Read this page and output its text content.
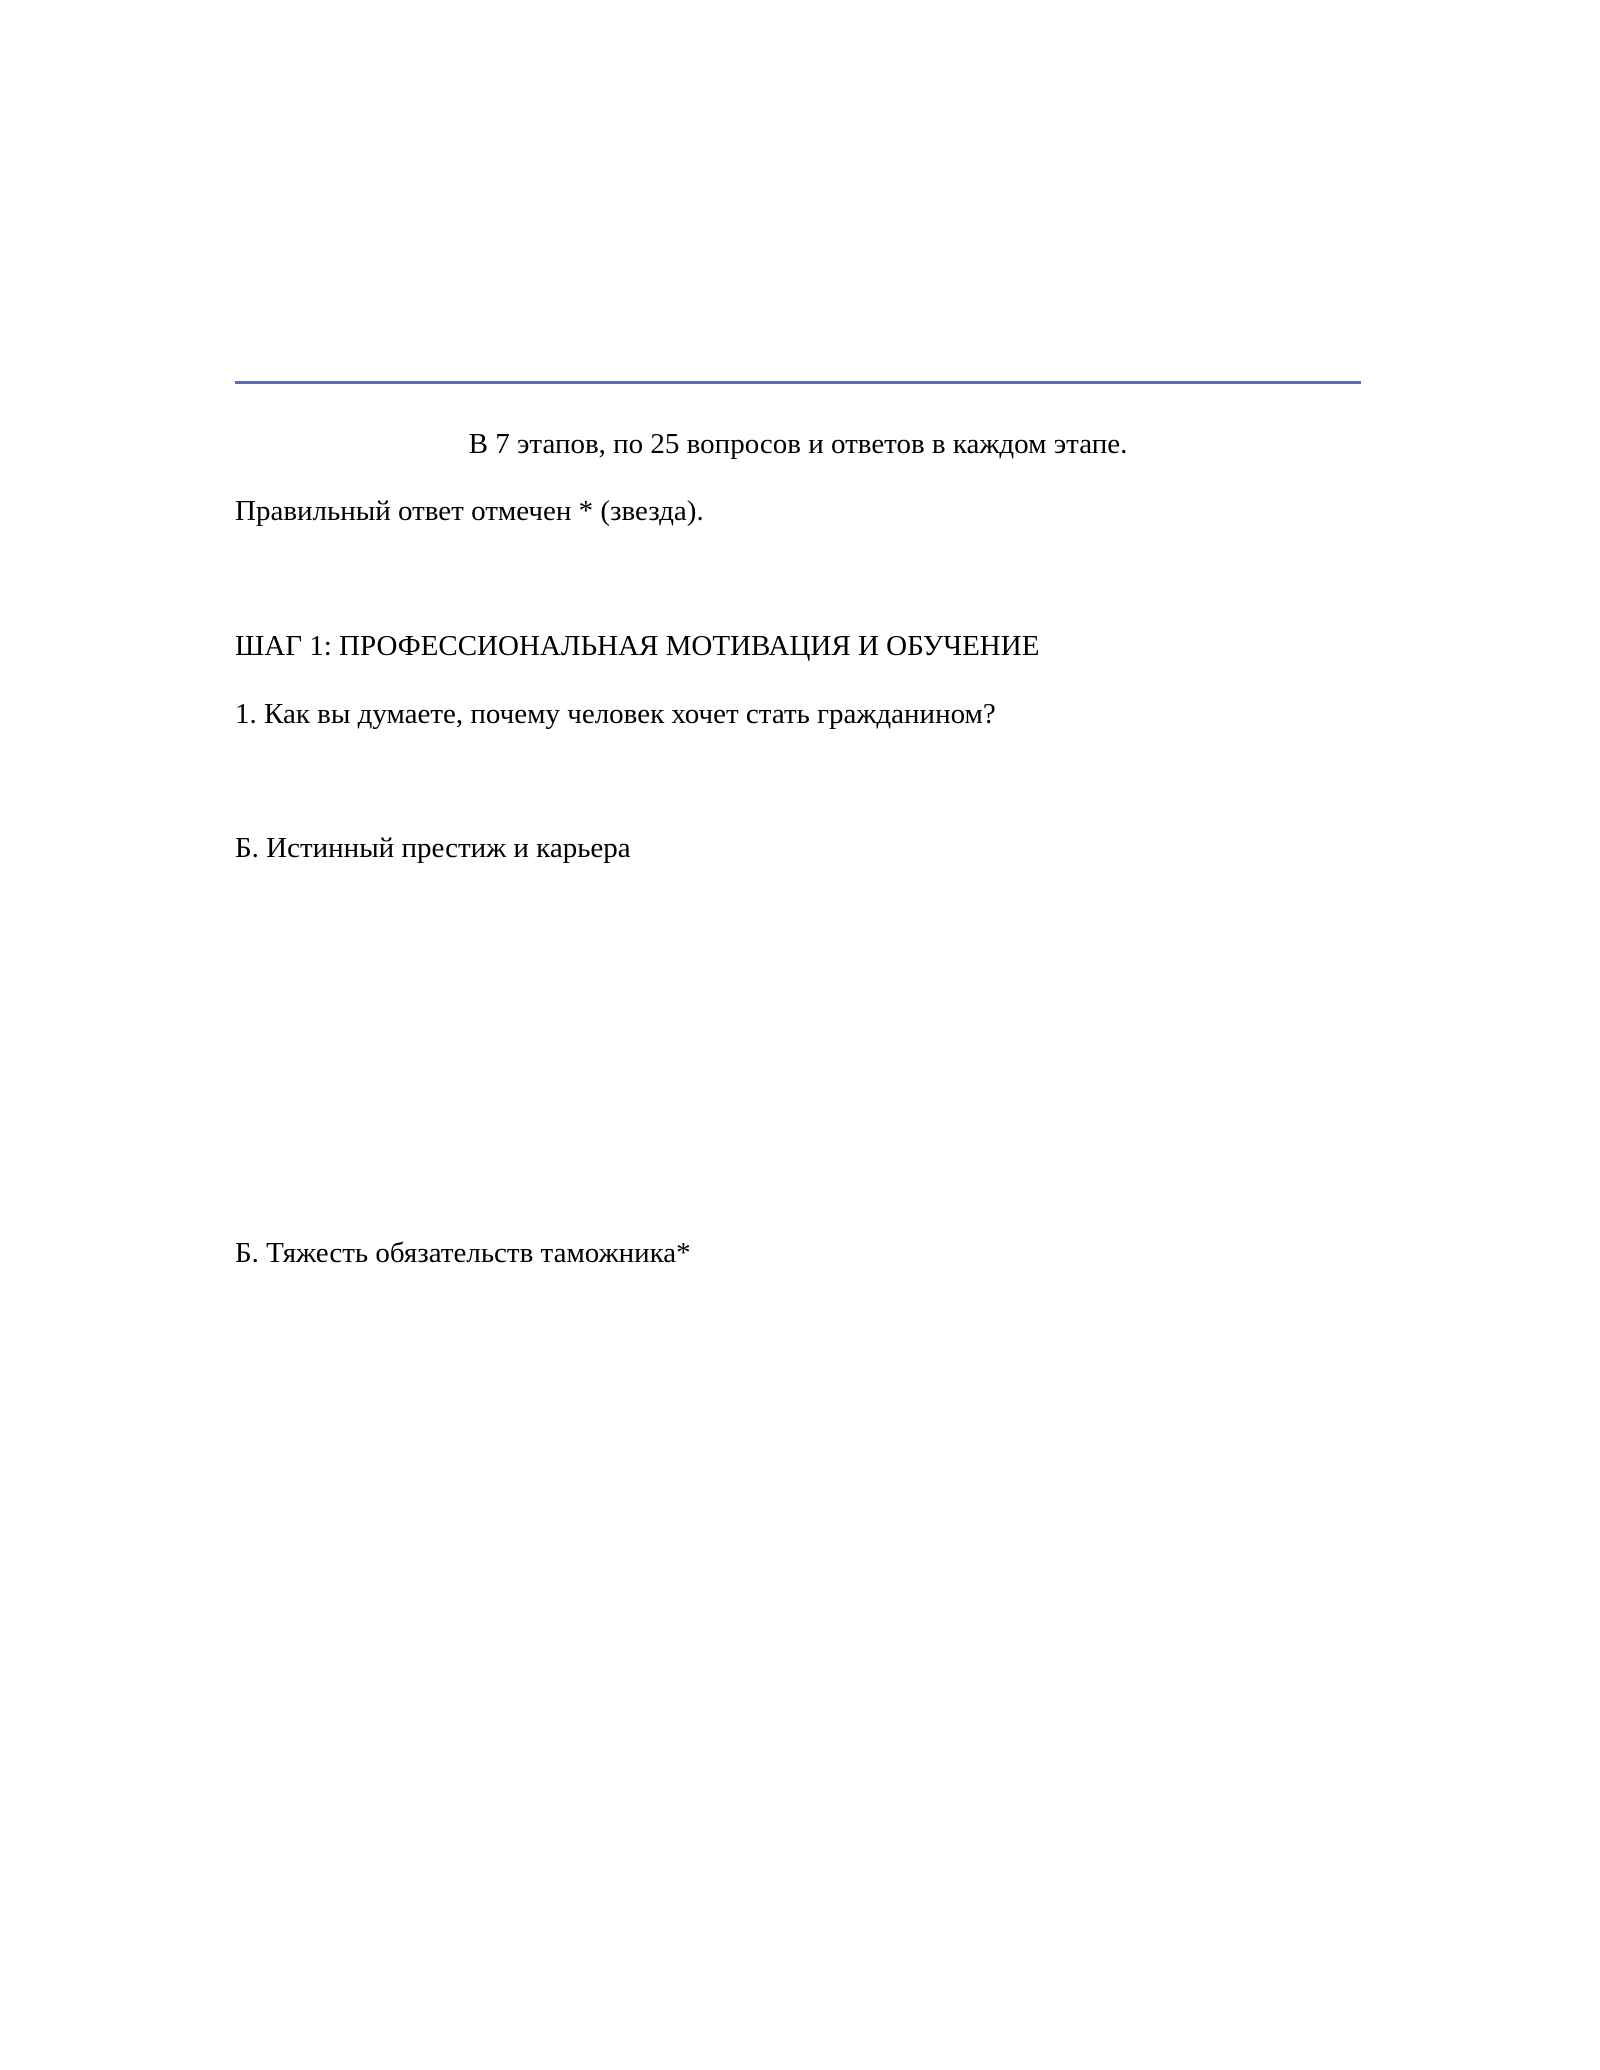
В 7 этапов, по 25 вопросов и ответов в каждом этапе.
Правильный ответ отмечен * (звезда).
ШАГ 1: ПРОФЕССИОНАЛЬНАЯ МОТИВАЦИЯ И ОБУЧЕНИЕ
1. Как вы думаете, почему человек хочет стать гражданином?
Б. Истинный престиж и карьера
Б. Тяжесть обязательств таможника*
